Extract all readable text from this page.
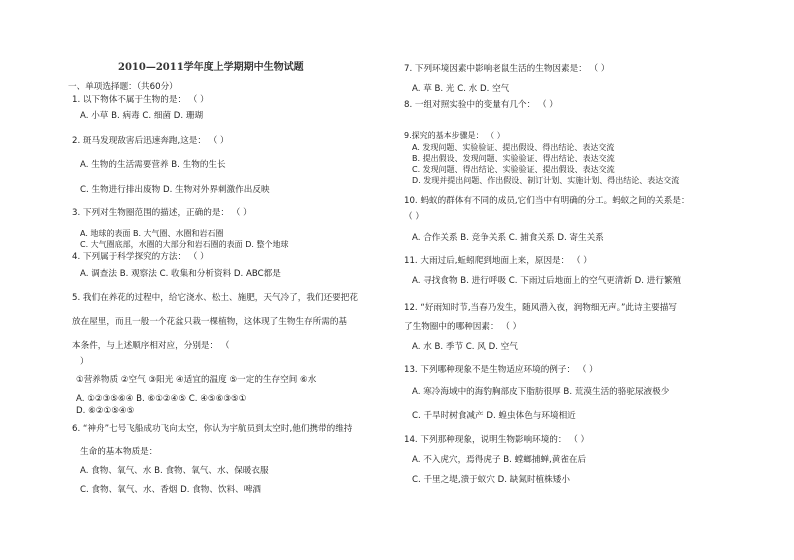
2010—2011学年度上学期期中生物试题
一、单项选择题：（共60分）
1. 以下物体不属于生物的是： （ ）
A. 小草 B. 病毒 C. 细菌 D. 珊瑚
2. 斑马发现敌害后迅速奔跑,这是： （ ）
A. 生物的生活需要营养 B. 生物的生长
C. 生物进行排出废物 D. 生物对外界刺激作出反映
3. 下列对生物圈范围的描述，正确的是： （ ）
A. 地球的表面 B. 大气圈、水圈和岩石圈
C. 大气圈底部，水圈的大部分和岩石圈的表面 D. 整个地球
4. 下列属于科学探究的方法： （ ）
A. 调查法 B. 观察法 C. 收集和分析资料 D. ABC都是
5. 我们在养花的过程中，给它浇水、松土、施肥，天气冷了，我们还要把花
放在屋里，而且一般一个花盆只栽一棵植物，这体现了生物生存所需的基
本条件，与上述顺序相对应，分别是： （
）
①营养物质 ②空气 ③阳光 ④适宜的温度 ⑤一定的生存空间 ⑥水
A. ①②③⑤⑥④ B. ⑥①②④⑤ C. ④⑤⑥③⑤①
D. ⑥②①⑤④⑤
6. “神舟”七号飞船成功飞向太空，你认为宇航员到太空时,他们携带的维持
生命的基本物质是：
A. 食物、氧气、水 B. 食物、氧气、水、保暖衣服
C. 食物、氧气、水、香烟 D. 食物、饮料、啤酒
7. 下列环境因素中影响老鼠生活的生物因素是： （ ）
A. 草 B. 光 C. 水 D. 空气
8. 一组对照实验中的变量有几个： （ ）
9.探究的基本步骤是： （ ）
A. 发现问题、实验验证、提出假设、得出结论、表达交流
B. 提出假设、发现问题、实验验证、得出结论、表达交流
C. 发现问题、得出结论、实验验证、提出假设、表达交流
D. 发现并提出问题、作出假设、制订计划、实施计划、得出结论、表达交流
10. 蚂蚁的群体有不同的成员,它们当中有明确的分工。蚂蚁之间的关系是：
（ ）
A. 合作关系 B. 竞争关系 C. 捕食关系 D. 寄生关系
11. 大雨过后,蚯蚓爬到地面上来，原因是： （ ）
A. 寻找食物 B. 进行呼吸 C. 下雨过后地面上的空气更清新 D. 进行繁殖
12. “好雨知时节,当春乃发生，随风潜入夜，润物细无声。”此诗主要描写
了生物圈中的哪种因素： （ ）
A. 水 B. 季节 C. 风 D. 空气
13. 下列哪种现象不是生物适应环境的例子： （ ）
A. 寒冷海域中的海豹胸部皮下脂肪很厚 B. 荒漠生活的骆驼尿液极少
C. 千旱时树食减产 D. 蝗虫体色与环境相近
14. 下列那种现象，说明生物影响环境的： （ ）
A. 不入虎穴，焉得虎子 B. 螳螂捕蝉,黄雀在后
C. 千里之堤,溃于蚁穴 D. 缺氮时植株矮小
